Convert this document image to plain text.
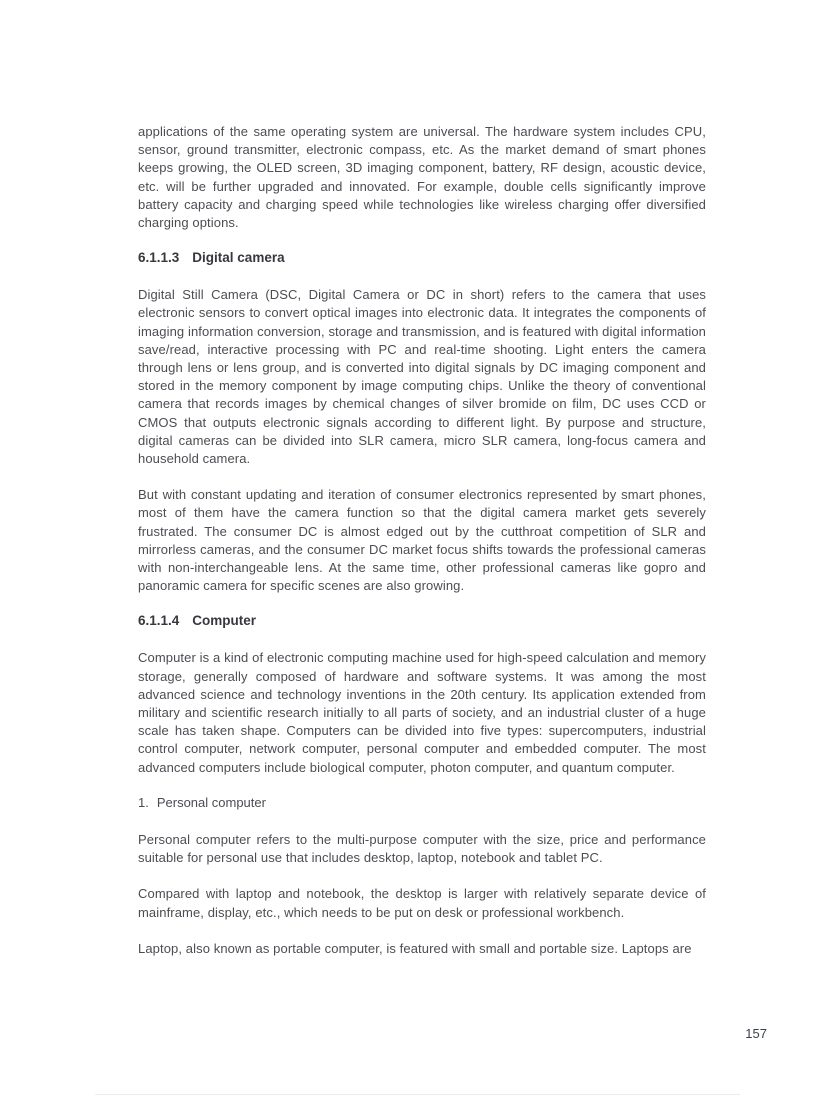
applications of the same operating system are universal. The hardware system includes CPU, sensor, ground transmitter, electronic compass, etc. As the market demand of smart phones keeps growing, the OLED screen, 3D imaging component, battery, RF design, acoustic device, etc. will be further upgraded and innovated. For example, double cells significantly improve battery capacity and charging speed while technologies like wireless charging offer diversified charging options.

6.1.1.3 Digital camera

Digital Still Camera (DSC, Digital Camera or DC in short) refers to the camera that uses electronic sensors to convert optical images into electronic data. It integrates the components of imaging information conversion, storage and transmission, and is featured with digital information save/read, interactive processing with PC and real-time shooting. Light enters the camera through lens or lens group, and is converted into digital signals by DC imaging component and stored in the memory component by image computing chips. Unlike the theory of conventional camera that records images by chemical changes of silver bromide on film, DC uses CCD or CMOS that outputs electronic signals according to different light. By purpose and structure, digital cameras can be divided into SLR camera, micro SLR camera, long-focus camera and household camera.

But with constant updating and iteration of consumer electronics represented by smart phones, most of them have the camera function so that the digital camera market gets severely frustrated. The consumer DC is almost edged out by the cutthroat competition of SLR and mirrorless cameras, and the consumer DC market focus shifts towards the professional cameras with non-interchangeable lens. At the same time, other professional cameras like gopro and panoramic camera for specific scenes are also growing.

6.1.1.4 Computer

Computer is a kind of electronic computing machine used for high-speed calculation and memory storage, generally composed of hardware and software systems. It was among the most advanced science and technology inventions in the 20th century. Its application extended from military and scientific research initially to all parts of society, and an industrial cluster of a huge scale has taken shape. Computers can be divided into five types: supercomputers, industrial control computer, network computer, personal computer and embedded computer. The most advanced computers include biological computer, photon computer, and quantum computer.

1. Personal computer

Personal computer refers to the multi-purpose computer with the size, price and performance suitable for personal use that includes desktop, laptop, notebook and tablet PC.

Compared with laptop and notebook, the desktop is larger with relatively separate device of mainframe, display, etc., which needs to be put on desk or professional workbench.

Laptop, also known as portable computer, is featured with small and portable size. Laptops are

157
